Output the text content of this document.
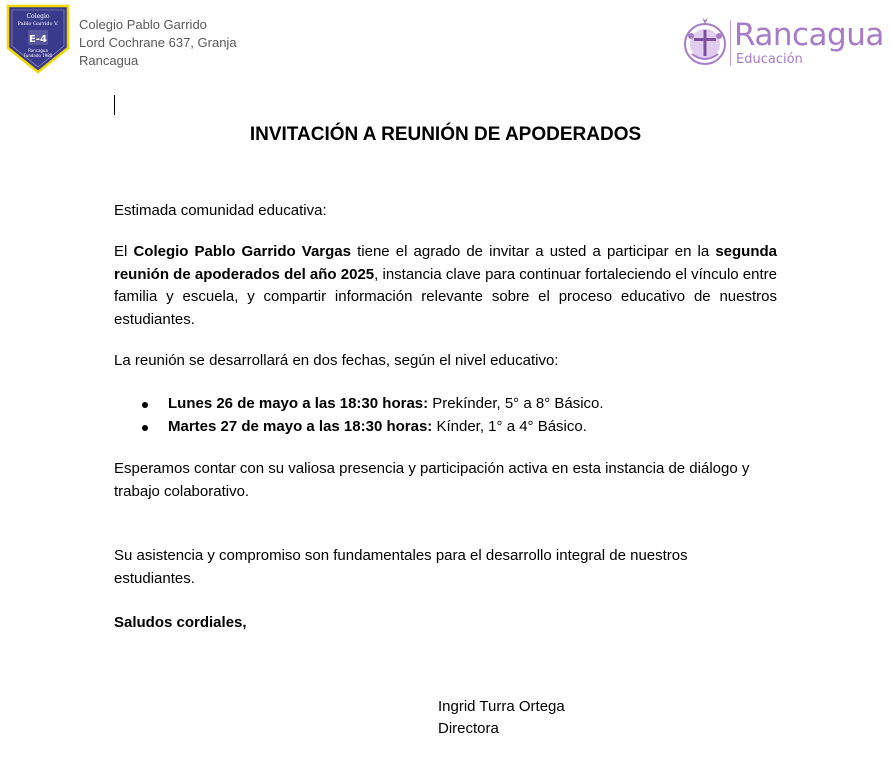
Colegio
Pablo Garrido V.
E-4
Rancagua
Fundado 1980
Colegio Pablo Garrido
Lord Cochrane 637, Granja
Rancagua
Rancagua
Educación
INVITACIÓN A REUNIÓN DE APODERADOS
Estimada comunidad educativa:
El Colegio Pablo Garrido Vargas tiene el agrado de invitar a usted a participar en la segunda reunión de apoderados del año 2025, instancia clave para continuar fortaleciendo el vínculo entre familia y escuela, y compartir información relevante sobre el proceso educativo de nuestros estudiantes.
La reunión se desarrollará en dos fechas, según el nivel educativo:
Lunes 26 de mayo a las 18:30 horas: Prekínder, 5° a 8° Básico.
Martes 27 de mayo a las 18:30 horas: Kínder, 1° a 4° Básico.
Esperamos contar con su valiosa presencia y participación activa en esta instancia de diálogo y trabajo colaborativo.
Su asistencia y compromiso son fundamentales para el desarrollo integral de nuestros estudiantes.
Saludos cordiales,
Ingrid Turra Ortega
Directora
